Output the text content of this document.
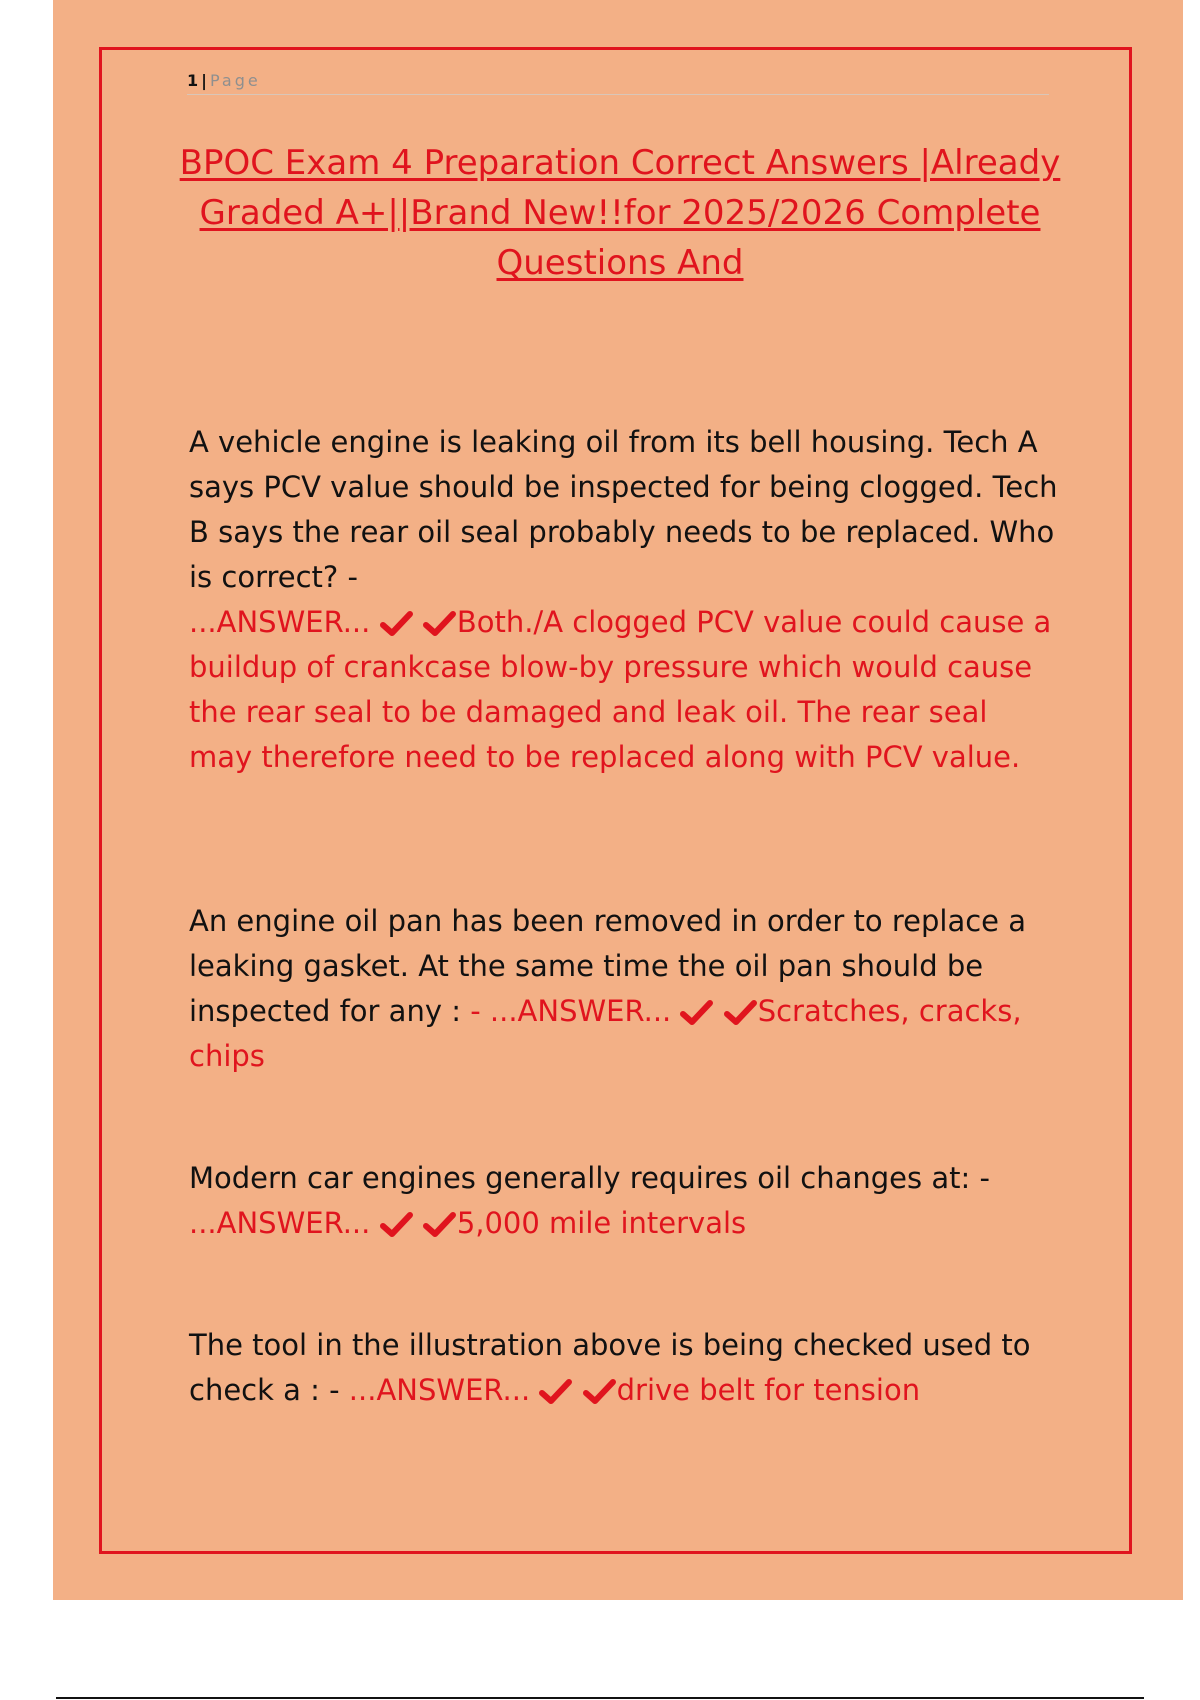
1 | Page
BPOC Exam 4 Preparation Correct Answers |Already Graded A+||Brand New!!for 2025/2026 Complete Questions And
A vehicle engine is leaking oil from its bell housing. Tech A says PCV value should be inspected for being clogged. Tech B says the rear oil seal probably needs to be replaced. Who is correct? -
...ANSWER...	Both./A clogged PCV value could cause a buildup of crankcase blow-by pressure which would cause the rear seal to be damaged and leak oil. The rear seal may therefore need to be replaced along with PCV value.
An engine oil pan has been removed in order to replace a leaking gasket. At the same time the oil pan should be inspected for any : - ...ANSWER...	Scratches, cracks, chips
Modern car engines generally requires oil changes at: -
...ANSWER...	5,000 mile intervals
The tool in the illustration above is being checked used to check a : - ...ANSWER...	drive belt for tension
